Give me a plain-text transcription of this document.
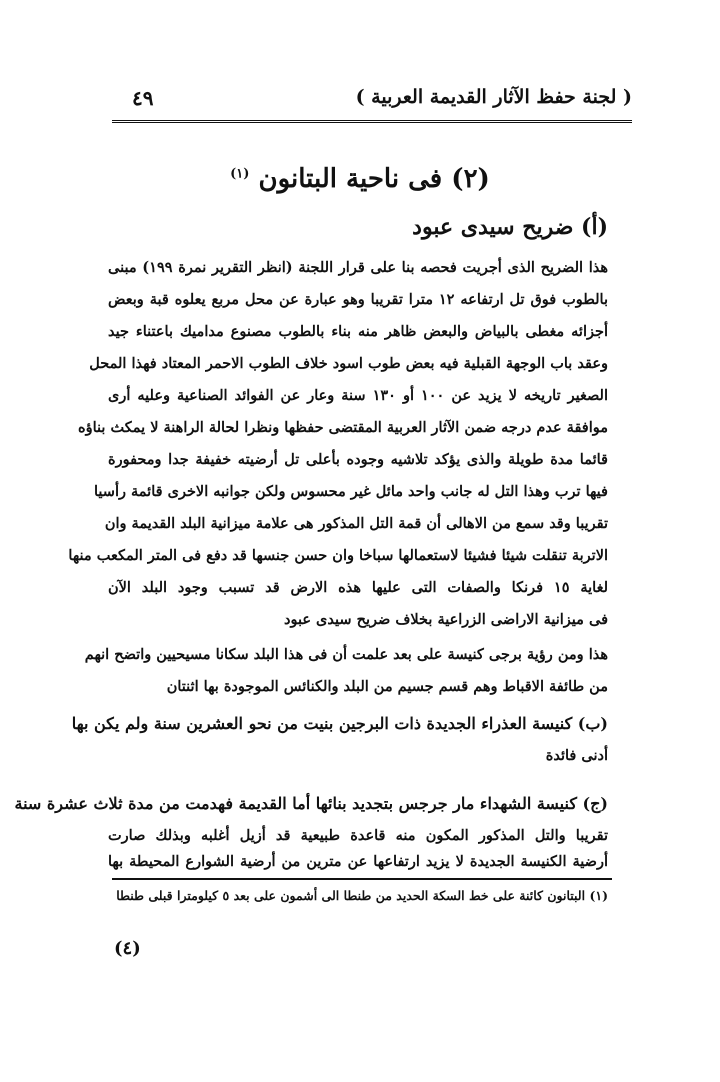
( لجنة حفظ الآثار القديمة العربية )
٤٩
(٢) فى ناحية البتانون $^{(١)}$
(أ) ضريح سيدى عبود
هذا الضريح الذى أجريت فحصه بنا على قرار اللجنة (انظر التقرير نمرة ١٩٩) مبنى
بالطوب فوق تل ارتفاعه ١٢ مترا تقريبا وهو عبارة عن محل مربع يعلوه قبة وبعض
أجزائه مغطى بالبياض والبعض ظاهر منه بناء بالطوب مصنوع مداميك باعتناء جيد
وعقد باب الوجهة القبلية فيه بعض طوب اسود خلاف الطوب الاحمر المعتاد فهذا المحل
الصغير تاريخه لا يزيد عن ١٠٠ أو ١٣٠ سنة وعار عن الفوائد الصناعية وعليه أرى
موافقة عدم درجه ضمن الآثار العربية المقتضى حفظها ونظرا لحالة الراهنة لا يمكث بناؤه
قائما مدة طويلة والذى يؤكد تلاشيه وجوده بأعلى تل أرضيته خفيفة جدا ومحفورة
فيها ترب وهذا التل له جانب واحد مائل غير محسوس ولكن جوانبه الاخرى قائمة رأسيا
تقريبا وقد سمع من الاهالى أن قمة التل المذكور هى علامة ميزانية البلد القديمة وان
الاتربة تنقلت شيئا فشيئا لاستعمالها سباخا وان حسن جنسها قد دفع فى المتر المكعب منها
لغاية ١٥ فرنكا والصفات التى عليها هذه الارض قد تسبب وجود البلد الآن
فى ميزانية الاراضى الزراعية بخلاف ضريح سيدى عبود
هذا ومن رؤية برجى كنيسة على بعد علمت أن فى هذا البلد سكانا مسيحيين واتضح انهم
من طائفة الاقباط وهم قسم جسيم من البلد والكنائس الموجودة بها اثنتان
(ب) كنيسة العذراء الجديدة ذات البرجين بنيت من نحو العشرين سنة ولم يكن بها
أدنى فائدة
(ج) كنيسة الشهداء مار جرجس بتجديد بنائها أما القديمة فهدمت من مدة ثلاث عشرة سنة
تقريبا والتل المذكور المكون منه قاعدة طبيعية قد أزيل أغلبه وبذلك صارت
أرضية الكنيسة الجديدة لا يزيد ارتفاعها عن مترين من أرضية الشوارع المحيطة بها
(١) البتانون كائنة على خط السكة الحديد من طنطا الى أشمون على بعد ٥ كيلومترا قبلى طنطا
(٤)
